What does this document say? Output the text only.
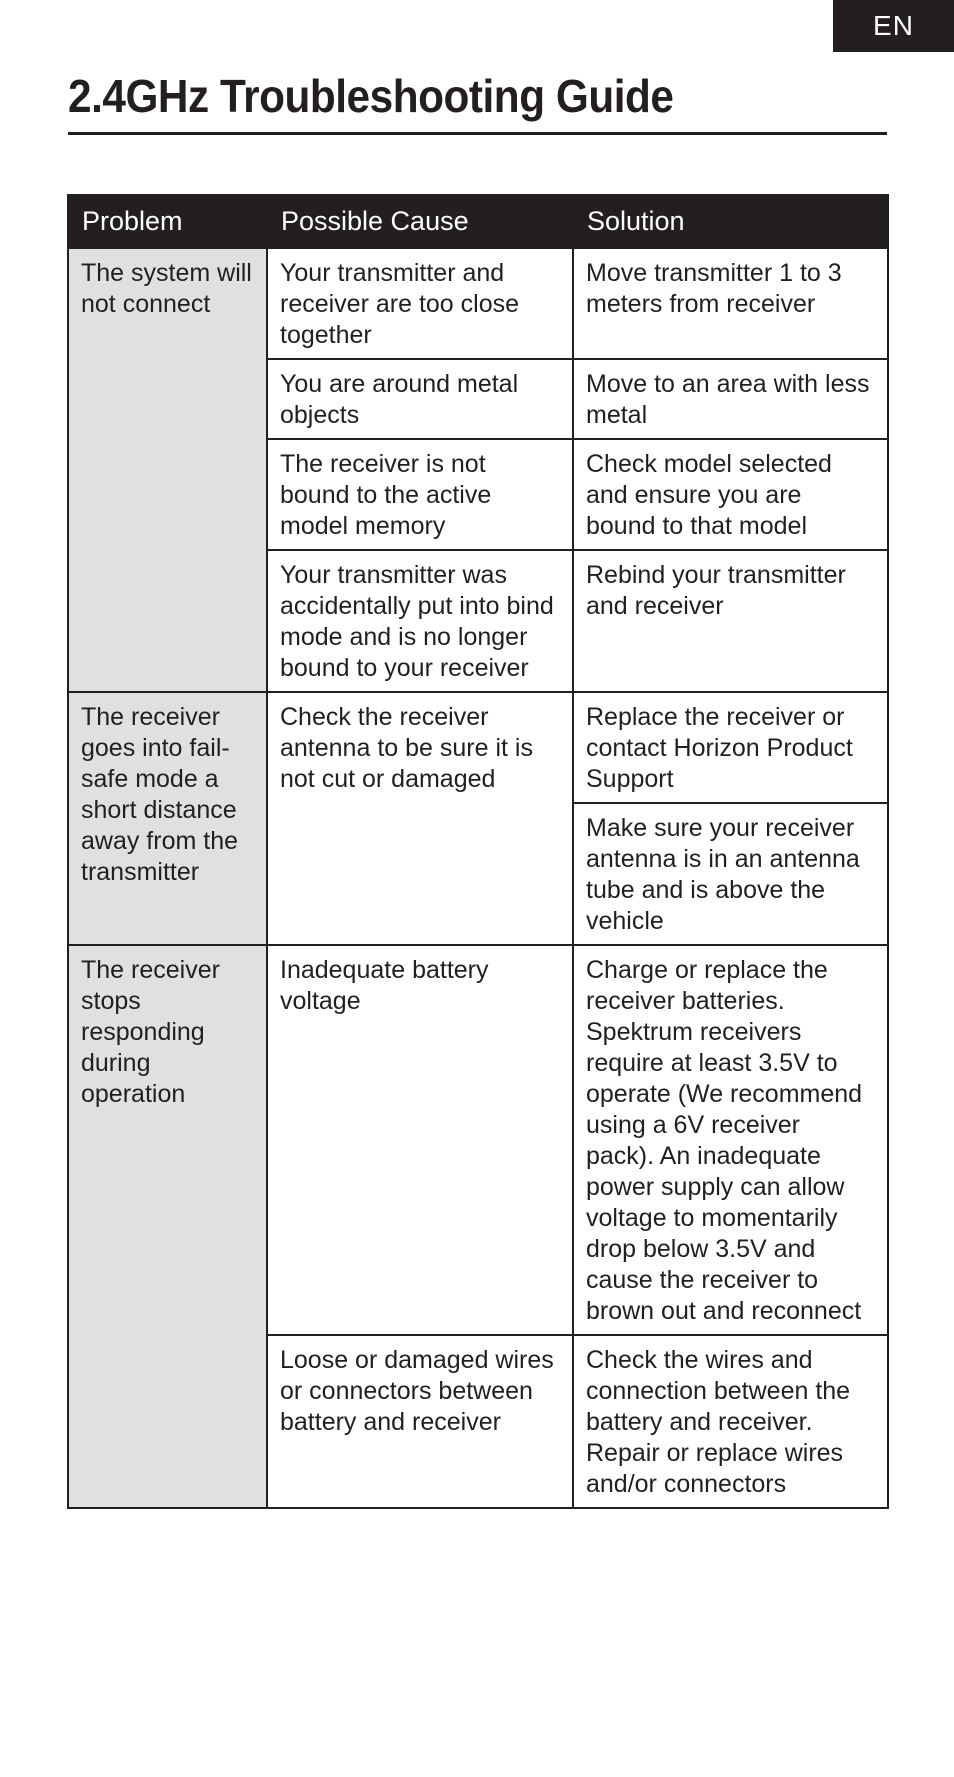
EN
2.4GHz Troubleshooting Guide
Problem	Possible Cause	Solution
The system will not connect	Your transmitter and receiver are too close together	Move transmitter 1 to 3 meters from receiver
	You are around metal objects	Move to an area with less metal
	The receiver is not bound to the active model memory	Check model selected and ensure you are bound to that model
	Your transmitter was accidentally put into bind mode and is no longer bound to your receiver	Rebind your transmitter and receiver
The receiver goes into fail-safe mode a short distance away from the transmitter	Check the receiver antenna to be sure it is not cut or damaged	Replace the receiver or contact Horizon Product Support
		Make sure your receiver antenna is in an antenna tube and is above the vehicle
The receiver stops responding during operation	Inadequate battery voltage	Charge or replace the receiver batteries. Spektrum receivers require at least 3.5V to operate (We recommend using a 6V receiver pack). An inadequate power supply can allow voltage to momentarily drop below 3.5V and cause the receiver to brown out and reconnect
	Loose or damaged wires or connectors between battery and receiver	Check the wires and connection between the battery and receiver. Repair or replace wires and/or connectors
